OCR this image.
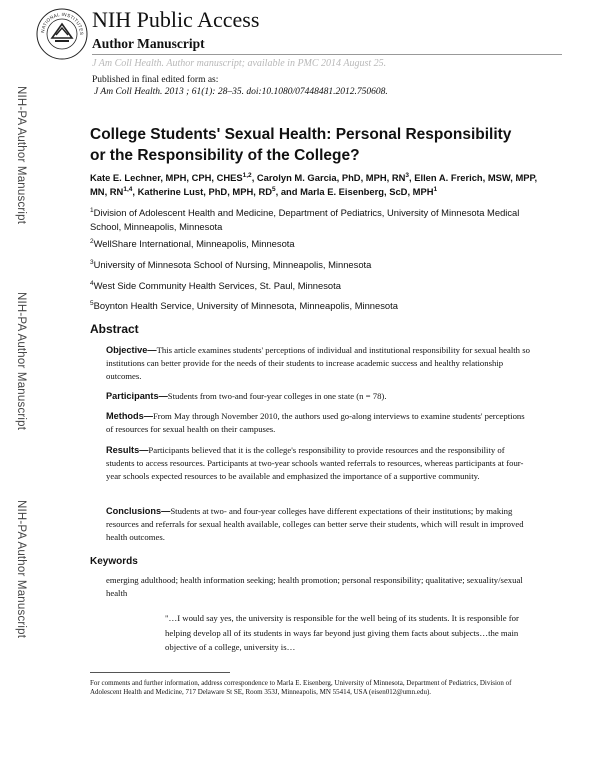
NATIONAL INSTITUTES
NIH Public Access
Author Manuscript
J Am Coll Health. Author manuscript; available in PMC 2014 August 25.
Published in final edited form as:
J Am Coll Health. 2013 ; 61(1): 28–35. doi:10.1080/07448481.2012.750608.
NIH-PA Author Manuscript
NIH-PA Author Manuscript
NIH-PA Author Manuscript
College Students' Sexual Health: Personal Responsibility or the Responsibility of the College?
Kate E. Lechner, MPH, CPH, CHES$^{1,2}$, Carolyn M. Garcia, PhD, MPH, $RN^3$, Ellen A. Frerich, MSW, MPP, MN, RN$^{1,4}$, Katherine Lust, PhD, MPH, $RD^5$, and Marla E. Eisenberg, ScD, MPH$^1$
$^1$Division of Adolescent Health and Medicine, Department of Pediatrics, University of Minnesota Medical School, Minneapolis, Minnesota
$^2$WellShare International, Minneapolis, Minnesota
$^3$University of Minnesota School of Nursing, Minneapolis, Minnesota
$^4$West Side Community Health Services, St. Paul, Minnesota
$^5$Boynton Health Service, University of Minnesota, Minneapolis, Minnesota
Abstract
Objective—This article examines students' perceptions of individual and institutional responsibility for sexual health so institutions can better provide for the needs of their students to increase academic success and healthy relationship outcomes.
Participants—Students from two-and four-year colleges in one state (n = 78).
Methods—From May through November 2010, the authors used go-along interviews to examine students' perceptions of resources for sexual health on their campuses.
Results—Participants believed that it is the college's responsibility to provide resources and the responsibility of students to access resources. Participants at two-year schools wanted referrals to resources, whereas participants at four-year schools expected resources to be available and emphasized the importance of a supportive community.
Conclusions—Students at two- and four-year colleges have different expectations of their institutions; by making resources and referrals for sexual health available, colleges can better serve their students, which will result in improved health outcomes.
Keywords
emerging adulthood; health information seeking; health promotion; personal responsibility; qualitative; sexuality/sexual health
"…I would say yes, the university is responsible for the well being of its students. It is responsible for helping develop all of its students in ways far beyond just giving them facts about subjects…the main objective of a college, university is…
For comments and further information, address correspondence to Marla E. Eisenberg, University of Minnesota, Department of Pediatrics, Division of Adolescent Health and Medicine, 717 Delaware St SE, Room 353J, Minneapolis, MN 55414, USA (eisen012@umn.edu).
